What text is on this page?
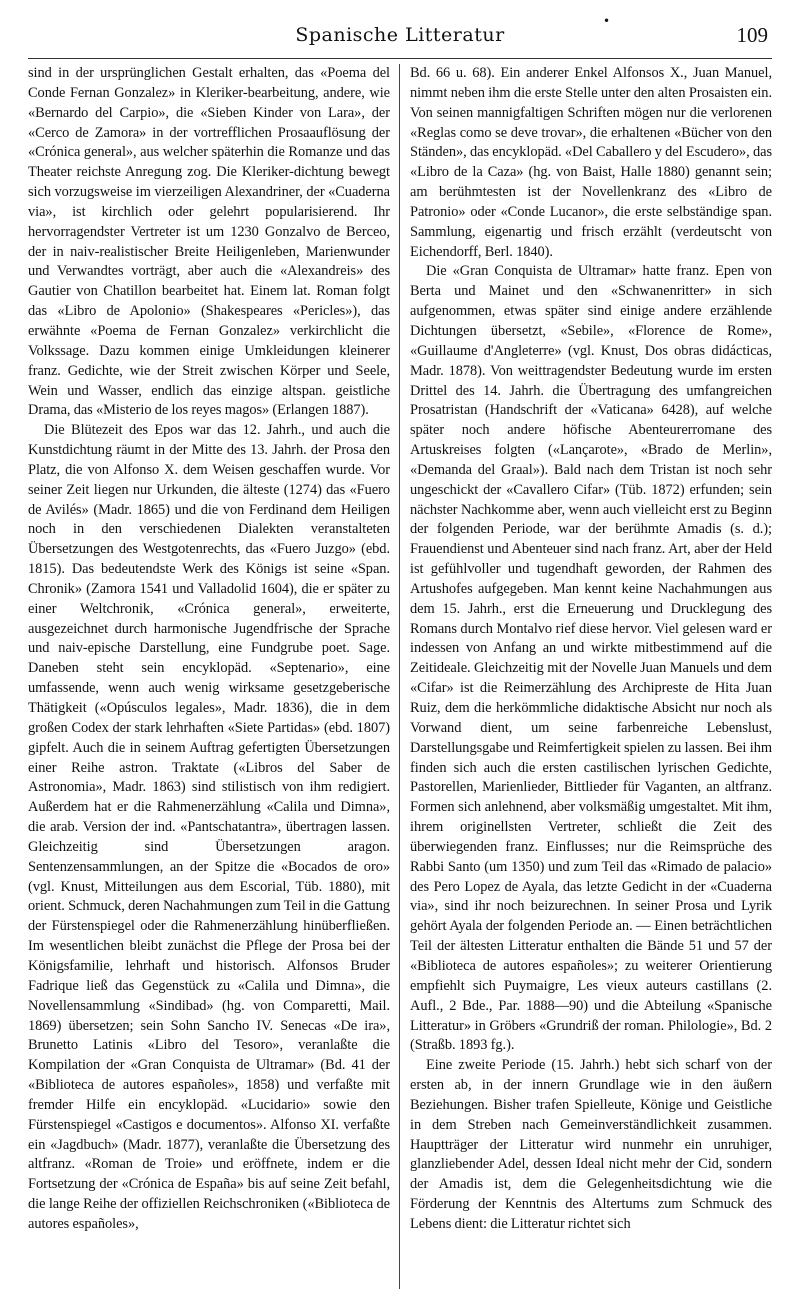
•
Spanische Litteratur	109

sind in der ursprünglichen Gestalt erhalten, das «Poema del Conde Fernan Gonzalez» in Kleriker-bearbeitung, andere, wie «Bernardo del Carpio», die «Sieben Kinder von Lara», der «Cerco de Zamora» in der vortrefflichen Prosaauflösung der «Crónica general», aus welcher späterhin die Romanze und das Theater reichste Anregung zog. Die Kleriker-dichtung bewegt sich vorzugsweise im vierzeiligen Alexandriner, der «Cuaderna via», ist kirchlich oder gelehrt popularisierend. Ihr hervorragendster Vertreter ist um 1230 Gonzalvo de Berceo, der in naiv-realistischer Breite Heiligenleben, Marienwunder und Verwandtes vorträgt, aber auch die «Alexandreis» des Gautier von Chatillon bearbeitet hat. Einem lat. Roman folgt das «Libro de Apolonio» (Shakespeares «Pericles»), das erwähnte «Poema de Fernan Gonzalez» verkirchlicht die Volkssage. Dazu kommen einige Umkleidungen kleinerer franz. Gedichte, wie der Streit zwischen Körper und Seele, Wein und Wasser, endlich das einzige altspan. geistliche Drama, das «Misterio de los reyes magos» (Erlangen 1887).

Die Blütezeit des Epos war das 12. Jahrh., und auch die Kunstdichtung räumt in der Mitte des 13. Jahrh. der Prosa den Platz, die von Alfonso X. dem Weisen geschaffen wurde. Vor seiner Zeit liegen nur Urkunden, die älteste (1274) das «Fuero de Avilés» (Madr. 1865) und die von Ferdinand dem Heiligen noch in den verschiedenen Dialekten veranstalteten Übersetzungen des Westgotenrechts, das «Fuero Juzgo» (ebd. 1815). Das bedeutendste Werk des Königs ist seine «Span. Chronik» (Zamora 1541 und Valladolid 1604), die er später zu einer Weltchronik, «Crónica general», erweiterte, ausgezeichnet durch harmonische Jugendfrische der Sprache und naiv-epische Darstellung, eine Fundgrube poet. Sage. Daneben steht sein encyklopäd. «Septenario», eine umfassende, wenn auch wenig wirksame gesetzgeberische Thätigkeit («Opúsculos legales», Madr. 1836), die in dem großen Codex der stark lehrhaften «Siete Partidas» (ebd. 1807) gipfelt. Auch die in seinem Auftrag gefertigten Übersetzungen einer Reihe astron. Traktate («Libros del Saber de Astronomia», Madr. 1863) sind stilistisch von ihm redigiert. Außerdem hat er die Rahmenerzählung «Calila und Dimna», die arab. Version der ind. «Pantschatantra», übertragen lassen. Gleichzeitig sind Übersetzungen aragon. Sentenzensammlungen, an der Spitze die «Bocados de oro» (vgl. Knust, Mitteilungen aus dem Escorial, Tüb. 1880), mit orient. Schmuck, deren Nachahmungen zum Teil in die Gattung der Fürstenspiegel oder die Rahmenerzählung hinüberfließen. Im wesentlichen bleibt zunächst die Pflege der Prosa bei der Königsfamilie, lehrhaft und historisch. Alfonsos Bruder Fadrique ließ das Gegenstück zu «Calila und Dimna», die Novellensammlung «Sindibad» (hg. von Comparetti, Mail. 1869) übersetzen; sein Sohn Sancho IV. Senecas «De ira», Brunetto Latinis «Libro del Tesoro», veranlaßte die Kompilation der «Gran Conquista de Ultramar» (Bd. 41 der «Biblioteca de autores españoles», 1858) und verfaßte mit fremder Hilfe ein encyklopäd. «Lucidario» sowie den Fürstenspiegel «Castigos e documentos». Alfonso XI. verfaßte ein «Jagdbuch» (Madr. 1877), veranlaßte die Übersetzung des altfranz. «Roman de Troie» und eröffnete, indem er die Fortsetzung der «Crónica de España» bis auf seine Zeit befahl, die lange Reihe der offiziellen Reichschroniken («Biblioteca de autores españoles»,

Bd. 66 u. 68). Ein anderer Enkel Alfonsos X., Juan Manuel, nimmt neben ihm die erste Stelle unter den alten Prosaisten ein. Von seinen mannigfaltigen Schriften mögen nur die verlorenen «Reglas como se deve trovar», die erhaltenen «Bücher von den Ständen», das encyklopäd. «Del Caballero y del Escudero», das «Libro de la Caza» (hg. von Baist, Halle 1880) genannt sein; am berühmtesten ist der Novellenkranz des «Libro de Patronio» oder «Conde Lucanor», die erste selbständige span. Sammlung, eigenartig und frisch erzählt (verdeutscht von Eichendorff, Berl. 1840).

Die «Gran Conquista de Ultramar» hatte franz. Epen von Berta und Mainet und den «Schwanenritter» in sich aufgenommen, etwas später sind einige andere erzählende Dichtungen übersetzt, «Sebile», «Florence de Rome», «Guillaume d'Angleterre» (vgl. Knust, Dos obras didácticas, Madr. 1878). Von weittragendster Bedeutung wurde im ersten Drittel des 14. Jahrh. die Übertragung des umfangreichen Prosatristan (Handschrift der «Vaticana» 6428), auf welche später noch andere höfische Abenteurerromane des Artuskreises folgten («Lançarote», «Brado de Merlin», «Demanda del Graal»). Bald nach dem Tristan ist noch sehr ungeschickt der «Cavallero Cifar» (Tüb. 1872) erfunden; sein nächster Nachkomme aber, wenn auch vielleicht erst zu Beginn der folgenden Periode, war der berühmte Amadis (s. d.); Frauendienst und Abenteuer sind nach franz. Art, aber der Held ist gefühlvoller und tugendhaft geworden, der Rahmen des Artushofes aufgegeben. Man kennt keine Nachahmungen aus dem 15. Jahrh., erst die Erneuerung und Drucklegung des Romans durch Montalvo rief diese hervor. Viel gelesen ward er indessen von Anfang an und wirkte mitbestimmend auf die Zeitideale. Gleichzeitig mit der Novelle Juan Manuels und dem «Cifar» ist die Reimerzählung des Archipreste de Hita Juan Ruiz, dem die herkömmliche didaktische Absicht nur noch als Vorwand dient, um seine farbenreiche Lebenslust, Darstellungsgabe und Reimfertigkeit spielen zu lassen. Bei ihm finden sich auch die ersten castilischen lyrischen Gedichte, Pastorellen, Marienlieder, Bittlieder für Vaganten, an altfranz. Formen sich anlehnend, aber volksmäßig umgestaltet. Mit ihm, ihrem originellsten Vertreter, schließt die Zeit des überwiegenden franz. Einflusses; nur die Reimsprüche des Rabbi Santo (um 1350) und zum Teil das «Rimado de palacio» des Pero Lopez de Ayala, das letzte Gedicht in der «Cuaderna via», sind ihr noch beizurechnen. In seiner Prosa und Lyrik gehört Ayala der folgenden Periode an. — Einen beträchtlichen Teil der ältesten Litteratur enthalten die Bände 51 und 57 der «Biblioteca de autores españoles»; zu weiterer Orientierung empfiehlt sich Puymaigre, Les vieux auteurs castillans (2. Aufl., 2 Bde., Par. 1888—90) und die Abteilung «Spanische Litteratur» in Gröbers «Grundriß der roman. Philologie», Bd. 2 (Straßb. 1893 fg.).

Eine zweite Periode (15. Jahrh.) hebt sich scharf von der ersten ab, in der innern Grundlage wie in den äußern Beziehungen. Bisher trafen Spielleute, Könige und Geistliche in dem Streben nach Gemeinverständlichkeit zusammen. Hauptträger der Litteratur wird nunmehr ein unruhiger, glanzliebender Adel, dessen Ideal nicht mehr der Cid, sondern der Amadis ist, dem die Gelegenheitsdichtung wie die Förderung der Kenntnis des Altertums zum Schmuck des Lebens dient: die Litteratur richtet sich
